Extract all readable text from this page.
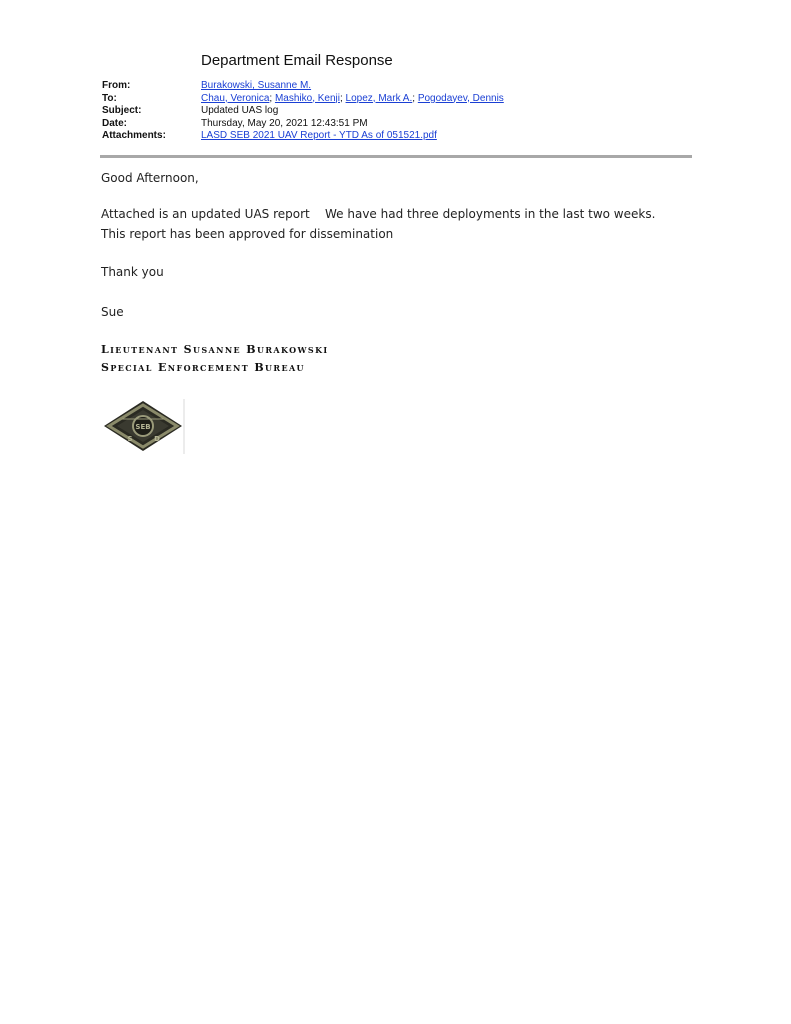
Department Email Response
From:	Burakowski, Susanne M.
To:	Chau, Veronica; Mashiko, Kenji; Lopez, Mark A.; Pogodayev, Dennis
Subject:	Updated UAS log
Date:	Thursday, May 20, 2021 12:43:51 PM
Attachments:	LASD SEB 2021 UAV Report - YTD As of 051521.pdf
Good Afternoon,
Attached is an updated UAS report    We have had three deployments in the last two weeks.  This report has been approved for dissemination
Thank you
Sue
Lieutenant Susanne Burakowski
Special Enforcement Bureau
SEB
S	D
